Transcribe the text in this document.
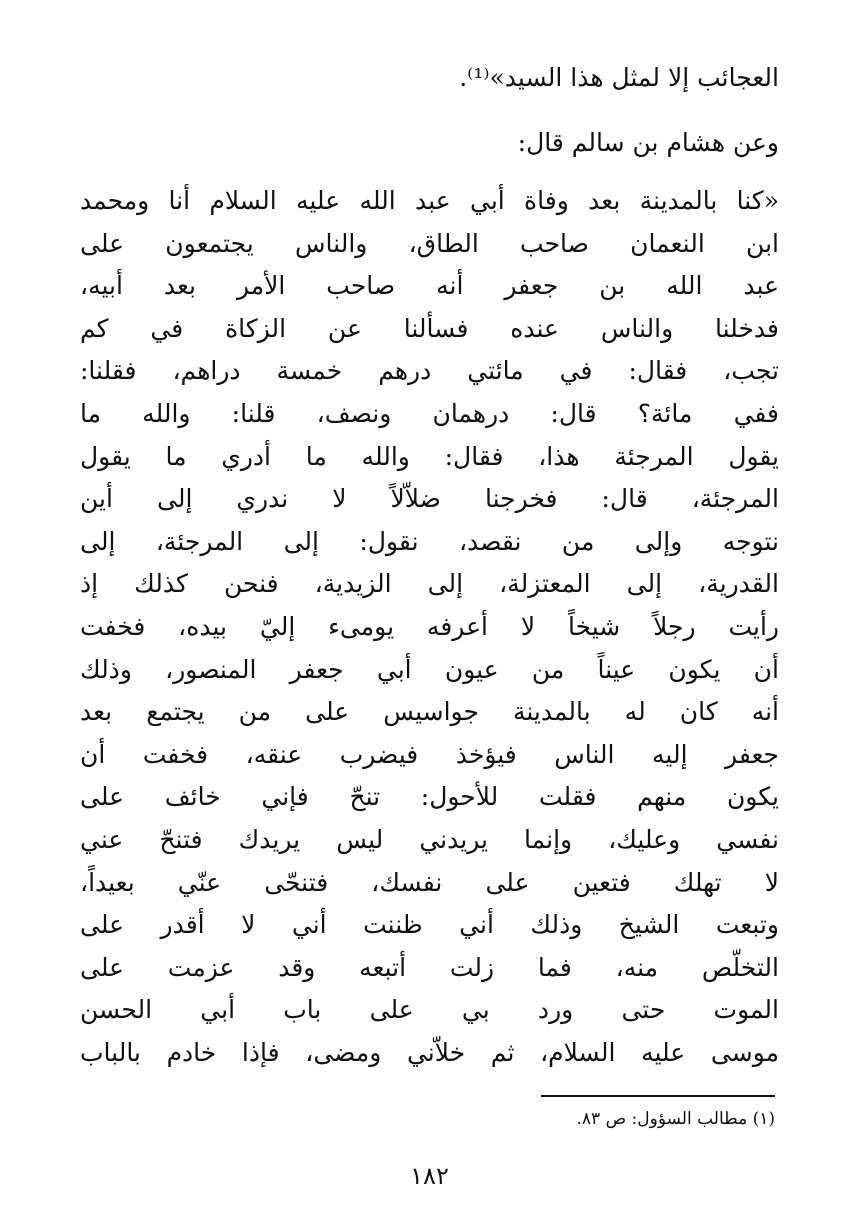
العجائب إلا لمثل هذا السيد»⁽¹⁾.
وعن هشام بن سالم قال:
«كنا بالمدينة بعد وفاة أبي عبد الله عليه السلام أنا ومحمد
ابن النعمان صاحب الطاق، والناس يجتمعون على
عبد الله بن جعفر أنه صاحب الأمر بعد أبيه،
فدخلنا والناس عنده فسألنا عن الزكاة في كم
تجب، فقال: في مائتي درهم خمسة دراهم، فقلنا:
ففي مائة؟ قال: درهمان ونصف، قلنا: والله ما
يقول المرجئة هذا، فقال: والله ما أدري ما يقول
المرجئة، قال: فخرجنا ضلاّلاً لا ندري إلى أين
نتوجه وإلى من نقصد، نقول: إلى المرجئة، إلى
القدرية، إلى المعتزلة، إلى الزيدية، فنحن كذلك إذ
رأيت رجلاً شيخاً لا أعرفه يومىء إليّ بيده، فخفت
أن يكون عيناً من عيون أبي جعفر المنصور، وذلك
أنه كان له بالمدينة جواسيس على من يجتمع بعد
جعفر إليه الناس فيؤخذ فيضرب عنقه، فخفت أن
يكون منهم فقلت للأحول: تنحّ فإني خائف على
نفسي وعليك، وإنما يريدني ليس يريدك فتنحّ عني
لا تهلك فتعين على نفسك، فتنحّى عنّي بعيداً،
وتبعت الشيخ وذلك أني ظننت أني لا أقدر على
التخلّص منه، فما زلت أتبعه وقد عزمت على
الموت حتى ورد بي على باب أبي الحسن
موسى عليه السلام، ثم خلاّني ومضى، فإذا خادم بالباب
(١) مطالب السؤول: ص ٨٣.
١٨٢
